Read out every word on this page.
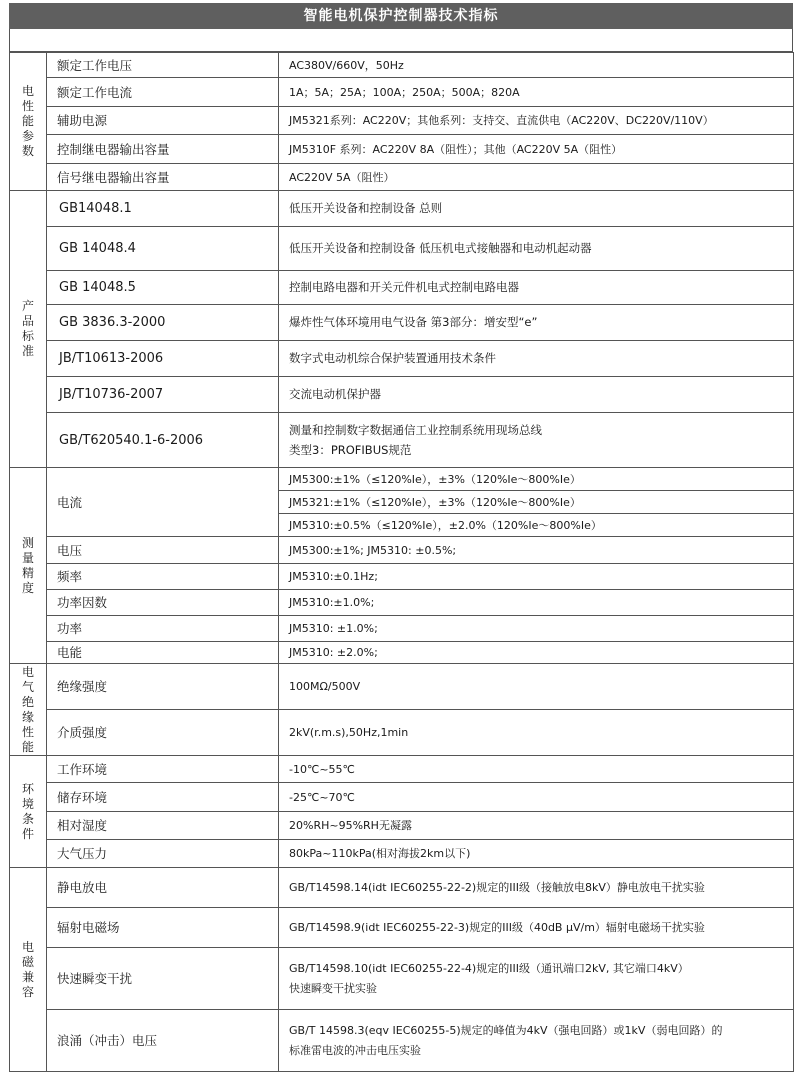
智能电机保护控制器技术指标
电性能参数	额定工作电压	AC380V/660V，50Hz
	额定工作电流	1A；5A；25A；100A；250A；500A；820A
	辅助电源	JM5321系列：AC220V；其他系列：支持交、直流供电（AC220V、DC220V/110V）
	控制继电器输出容量	JM5310F 系列：AC220V 8A（阻性）；其他（AC220V 5A（阻性）
	信号继电器输出容量	AC220V 5A（阻性）
产品标准	GB14048.1	低压开关设备和控制设备 总则
	GB 14048.4	低压开关设备和控制设备 低压机电式接触器和电动机起动器
	GB 14048.5	控制电路电器和开关元件机电式控制电路电器
	GB 3836.3-2000	爆炸性气体环境用电气设备 第3部分：增安型“e”
	JB/T10613-2006	数字式电动机综合保护装置通用技术条件
	JB/T10736-2007	交流电动机保护器
	GB/T620540.1-6-2006	测量和控制数字数据通信工业控制系统用现场总线
类型3：PROFIBUS规范

测量精度	电流	JM5300:±1%（≤120%Ie），±3%（120%Ie～800%Ie）
		JM5321:±1%（≤120%Ie），±3%（120%Ie～800%Ie）
		JM5310:±0.5%（≤120%Ie），±2.0%（120%Ie～800%Ie）
	电压	JM5300:±1%; JM5310: ±0.5%;
	频率	JM5310:±0.1Hz;
	功率因数	JM5310:±1.0%;
	功率	JM5310: ±1.0%;
	电能	JM5310: ±2.0%;
电气绝缘性能	绝缘强度	100MΩ/500V
	介质强度	2kV(r.m.s),50Hz,1min
环境条件	工作环境	-10℃~55℃
	储存环境	-25℃~70℃
	相对湿度	20%RH~95%RH无凝露
	大气压力	80kPa~110kPa(相对海拔2km以下)
电磁兼容	静电放电	GB/T14598.14(idt IEC60255-22-2)规定的III级（接触放电8kV）静电放电干扰实验
	辐射电磁场	GB/T14598.9(idt IEC60255-22-3)规定的III级（40dB μV/m）辐射电磁场干扰实验
	快速瞬变干扰	GB/T14598.10(idt IEC60255-22-4)规定的III级（通讯端口2kV, 其它端口4kV）
快速瞬变干扰实验

	浪涌（冲击）电压	GB/T 14598.3(eqv IEC60255-5)规定的峰值为4kV（强电回路）或1kV（弱电回路）的
标准雷电波的冲击电压实验
